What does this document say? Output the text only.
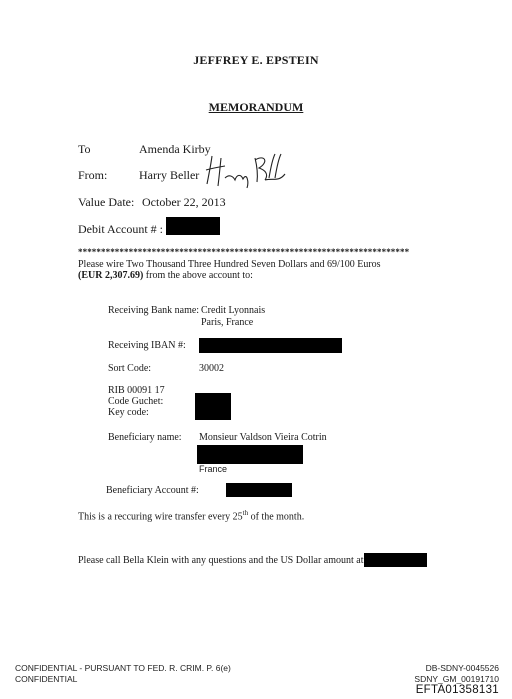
JEFFREY E. EPSTEIN
MEMORANDUM
To	Amenda Kirby
From:	Harry Beller
Value Date: October 22, 2013
Debit Account # :
************************************************************************
Please wire Two Thousand Three Hundred Seven Dollars and 69/100 Euros
(EUR 2,307.69) from the above account to:
Receiving Bank name: Credit Lyonnais
Paris, France
Receiving IBAN #:
Sort Code:	30002
RIB 00091 17
Code Guchet:
Key code:
Beneficiary name: Monsieur Valdson Vieira Cotrin
France
Beneficiary Account #:
This is a reccuring wire transfer every 25th of the month.
Please call Bella Klein with any questions and the US Dollar amount at
CONFIDENTIAL - PURSUANT TO FED. R. CRIM. P. 6(e)
CONFIDENTIAL
DB-SDNY-0045526
SDNY_GM_00191710
EFTA01358131
